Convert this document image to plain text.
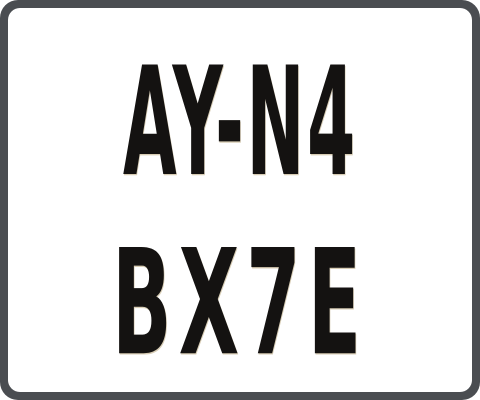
AY-N4
BX7E
